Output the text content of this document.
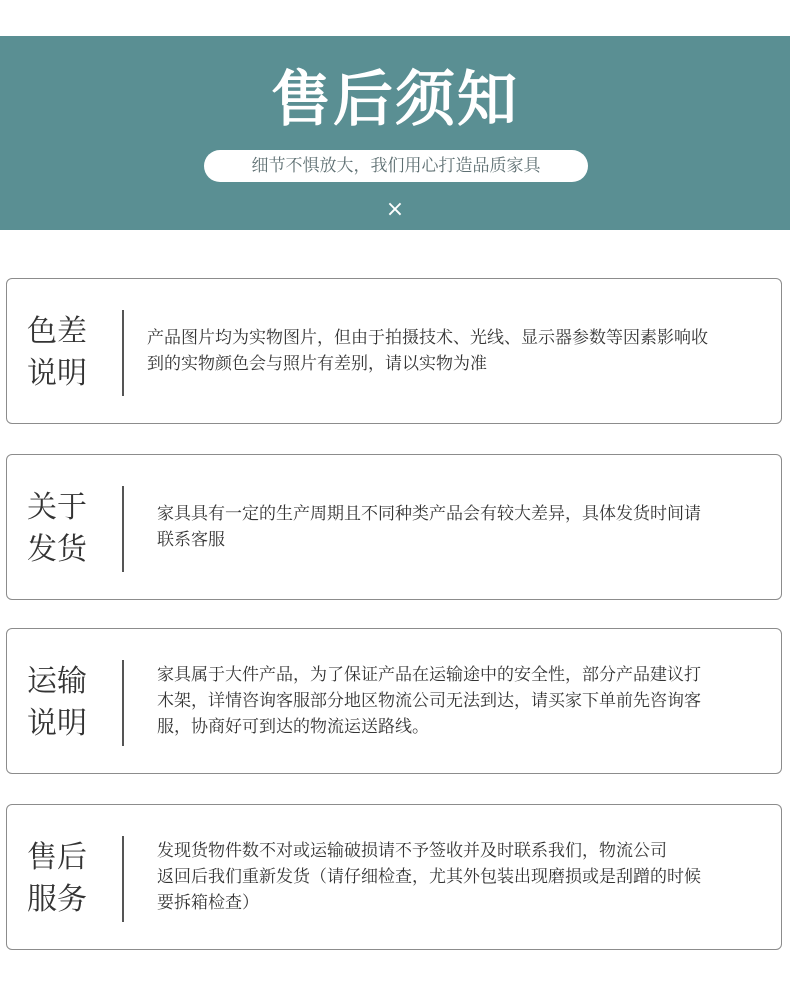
售后须知
细节不惧放大，我们用心打造品质家具
×
色差
说明

产品图片均为实物图片，但由于拍摄技术、光线、显示器参数等因素影响收
到的实物颜色会与照片有差别，请以实物为准

关于
发货

家具具有一定的生产周期且不同种类产品会有较大差异，具体发货时间请
联系客服

运输
说明

家具属于大件产品，为了保证产品在运输途中的安全性，部分产品建议打
木架，详情咨询客服部分地区物流公司无法到达，请买家下单前先咨询客
服，协商好可到达的物流运送路线。

售后
服务

发现货物件数不对或运输破损请不予签收并及时联系我们，物流公司
返回后我们重新发货（请仔细检查，尤其外包装出现磨损或是刮蹭的时候
要拆箱检查）
